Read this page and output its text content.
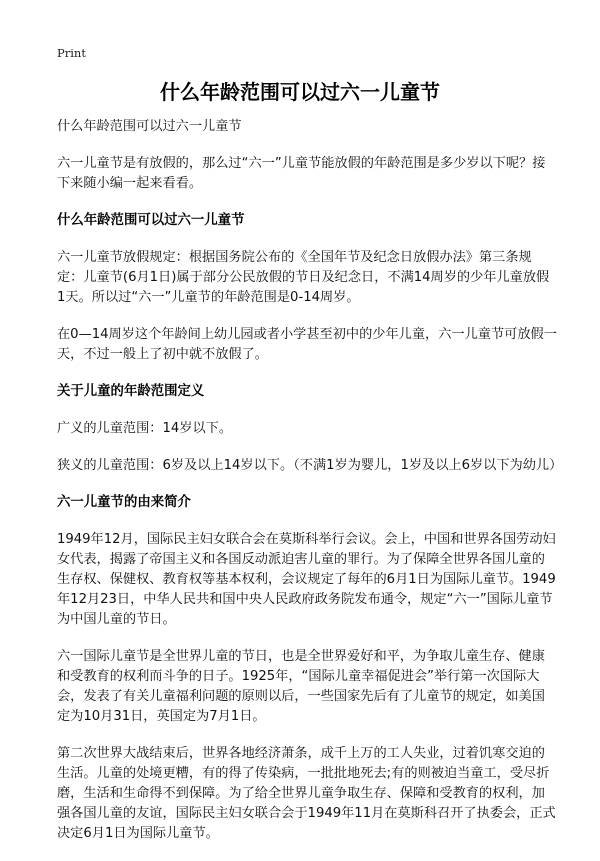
Print
什么年龄范围可以过六一儿童节

什么年龄范围可以过六一儿童节

六一儿童节是有放假的，那么过“六一”儿童节能放假的年龄范围是多少岁以下呢？接下来随小编一起来看看。

什么年龄范围可以过六一儿童节

六一儿童节放假规定：根据国务院公布的《全国年节及纪念日放假办法》第三条规定：儿童节(6月1日)属于部分公民放假的节日及纪念日，不满14周岁的少年儿童放假1天。所以过“六一”儿童节的年龄范围是0-14周岁。

在0—14周岁这个年龄间上幼儿园或者小学甚至初中的少年儿童，六一儿童节可放假一天，不过一般上了初中就不放假了。

关于儿童的年龄范围定义

广义的儿童范围：14岁以下。

狭义的儿童范围：6岁及以上14岁以下。（不满1岁为婴儿，1岁及以上6岁以下为幼儿）

六一儿童节的由来简介

1949年12月，国际民主妇女联合会在莫斯科举行会议。会上，中国和世界各国劳动妇女代表，揭露了帝国主义和各国反动派迫害儿童的罪行。为了保障全世界各国儿童的生存权、保健权、教育权等基本权利，会议规定了每年的6月1日为国际儿童节。1949年12月23日，中华人民共和国中央人民政府政务院发布通令，规定“六一”国际儿童节为中国儿童的节日。

六一国际儿童节是全世界儿童的节日，也是全世界爱好和平，为争取儿童生存、健康和受教育的权利而斗争的日子。1925年，“国际儿童幸福促进会”举行第一次国际大会，发表了有关儿童福利问题的原则以后，一些国家先后有了儿童节的规定，如美国定为10月31日，英国定为7月1日。

第二次世界大战结束后，世界各地经济萧条，成千上万的工人失业，过着饥寒交迫的生活。儿童的处境更糟，有的得了传染病，一批批地死去;有的则被迫当童工，受尽折磨，生活和生命得不到保障。为了给全世界儿童争取生存、保障和受教育的权利，加强各国儿童的友谊，国际民主妇女联合会于1949年11月在莫斯科召开了执委会，正式决定6月1日为国际儿童节。
